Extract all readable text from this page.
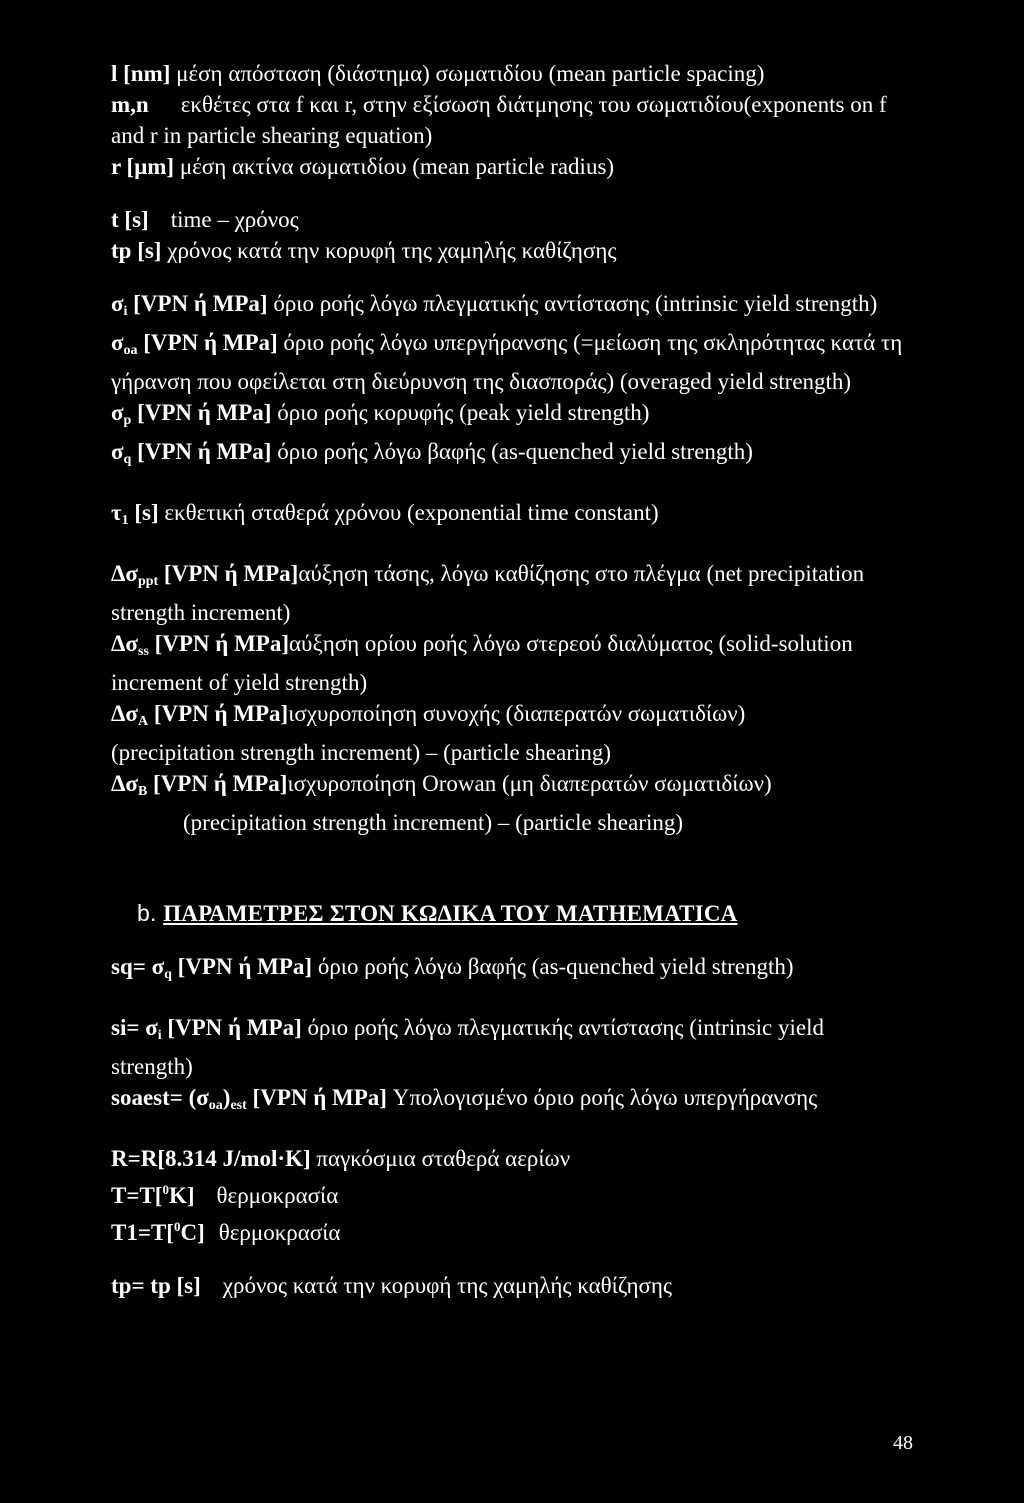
l [nm] μέση απόσταση (διάστημα) σωματιδίου (mean particle spacing)

m,n εκθέτες στα f και r, στην εξίσωση διάτμησης του σωματιδίου(exponents on f and r in particle shearing equation)

r [μm] μέση ακτίνα σωματιδίου (mean particle radius)

t [s] time – χρόνος

tp [s] χρόνος κατά την κορυφή της χαμηλής καθίζησης

$\sigma_i$ [VPN ή MPa] όριο ροής λόγω πλεγματικής αντίστασης (intrinsic yield strength)

$\sigma_{oa}$ [VPN ή MPa] όριο ροής λόγω υπεργήρανσης (=μείωση της σκληρότητας κατά τη γήρανση που οφείλεται στη διεύρυνση της διασποράς) (overaged yield strength)

$\sigma_p$ [VPN ή MPa] όριο ροής κορυφής (peak yield strength)

$\sigma_q$ [VPN ή MPa] όριο ροής λόγω βαφής (as-quenched yield strength)

$\tau_1$ [s] εκθετική σταθερά χρόνου (exponential time constant)

$\Delta\sigma_{ppt}$ [VPN ή MPa]αύξηση τάσης, λόγω καθίζησης στο πλέγμα (net precipitation strength increment)

$\Delta\sigma_{ss}$ [VPN ή MPa]αύξηση ορίου ροής λόγω στερεού διαλύματος (solid-solution increment of yield strength)

$\Delta\sigma_A$ [VPN ή MPa]ισχυροποίηση συνοχής (διαπερατών σωματιδίων)
(precipitation strength increment) – (particle shearing)

$\Delta\sigma_B$ [VPN ή MPa]ισχυροποίηση Orowan (μη διαπερατών σωματιδίων)
(precipitation strength increment) – (particle shearing)

b. ΠΑΡΑΜΕΤΡΕΣ ΣΤΟΝ ΚΩΔΙΚΑ ΤΟΥ MATHEMATICA

$sq= \sigma_q$ [VPN ή MPa] όριο ροής λόγω βαφής (as-quenched yield strength)

$si= \sigma_i$ [VPN ή MPa] όριο ροής λόγω πλεγματικής αντίστασης (intrinsic yield strength)

soaest= $(\sigma_{oa})_{est}$ [VPN ή MPa] Υπολογισμένο όριο ροής λόγω υπεργήρανσης

R=R[8.314 J/mol·K] παγκόσμια σταθερά αερίων

T=T[$^0$K] θερμοκρασία

T1=T[$^0$C] θερμοκρασία

tp= tp [s] χρόνος κατά την κορυφή της χαμηλής καθίζησης

48
